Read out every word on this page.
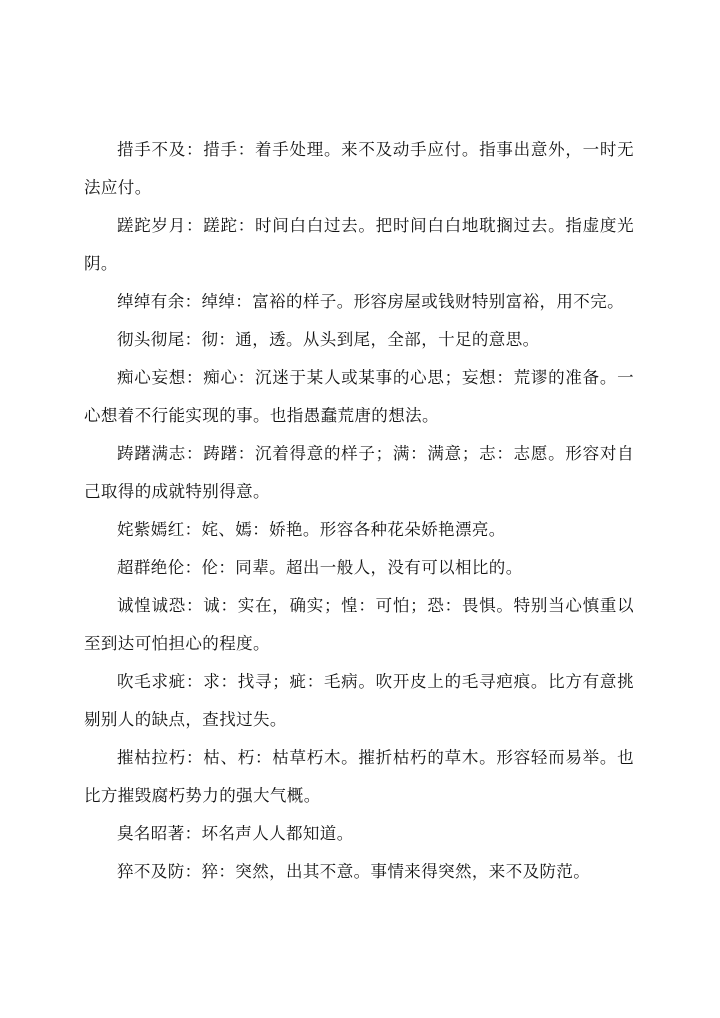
措手不及：措手：着手处理。来不及动手应付。指事出意外，一时无法应付。

蹉跎岁月：蹉跎：时间白白过去。把时间白白地耽搁过去。指虚度光阴。

绰绰有余：绰绰：富裕的样子。形容房屋或钱财特别富裕，用不完。

彻头彻尾：彻：通，透。从头到尾，全部，十足的意思。

痴心妄想：痴心：沉迷于某人或某事的心思；妄想：荒谬的准备。一心想着不行能实现的事。也指愚蠢荒唐的想法。

踌躇满志：踌躇：沉着得意的样子；满：满意；志：志愿。形容对自己取得的成就特别得意。

姹紫嫣红：姹、嫣：娇艳。形容各种花朵娇艳漂亮。

超群绝伦：伦：同辈。超出一般人，没有可以相比的。

诚惶诚恐：诚：实在，确实；惶：可怕；恐：畏惧。特别当心慎重以至到达可怕担心的程度。

吹毛求疵：求：找寻；疵：毛病。吹开皮上的毛寻疤痕。比方有意挑剔别人的缺点，查找过失。

摧枯拉朽：枯、朽：枯草朽木。摧折枯朽的草木。形容轻而易举。也比方摧毁腐朽势力的强大气概。

臭名昭著：坏名声人人都知道。

猝不及防：猝：突然，出其不意。事情来得突然，来不及防范。
